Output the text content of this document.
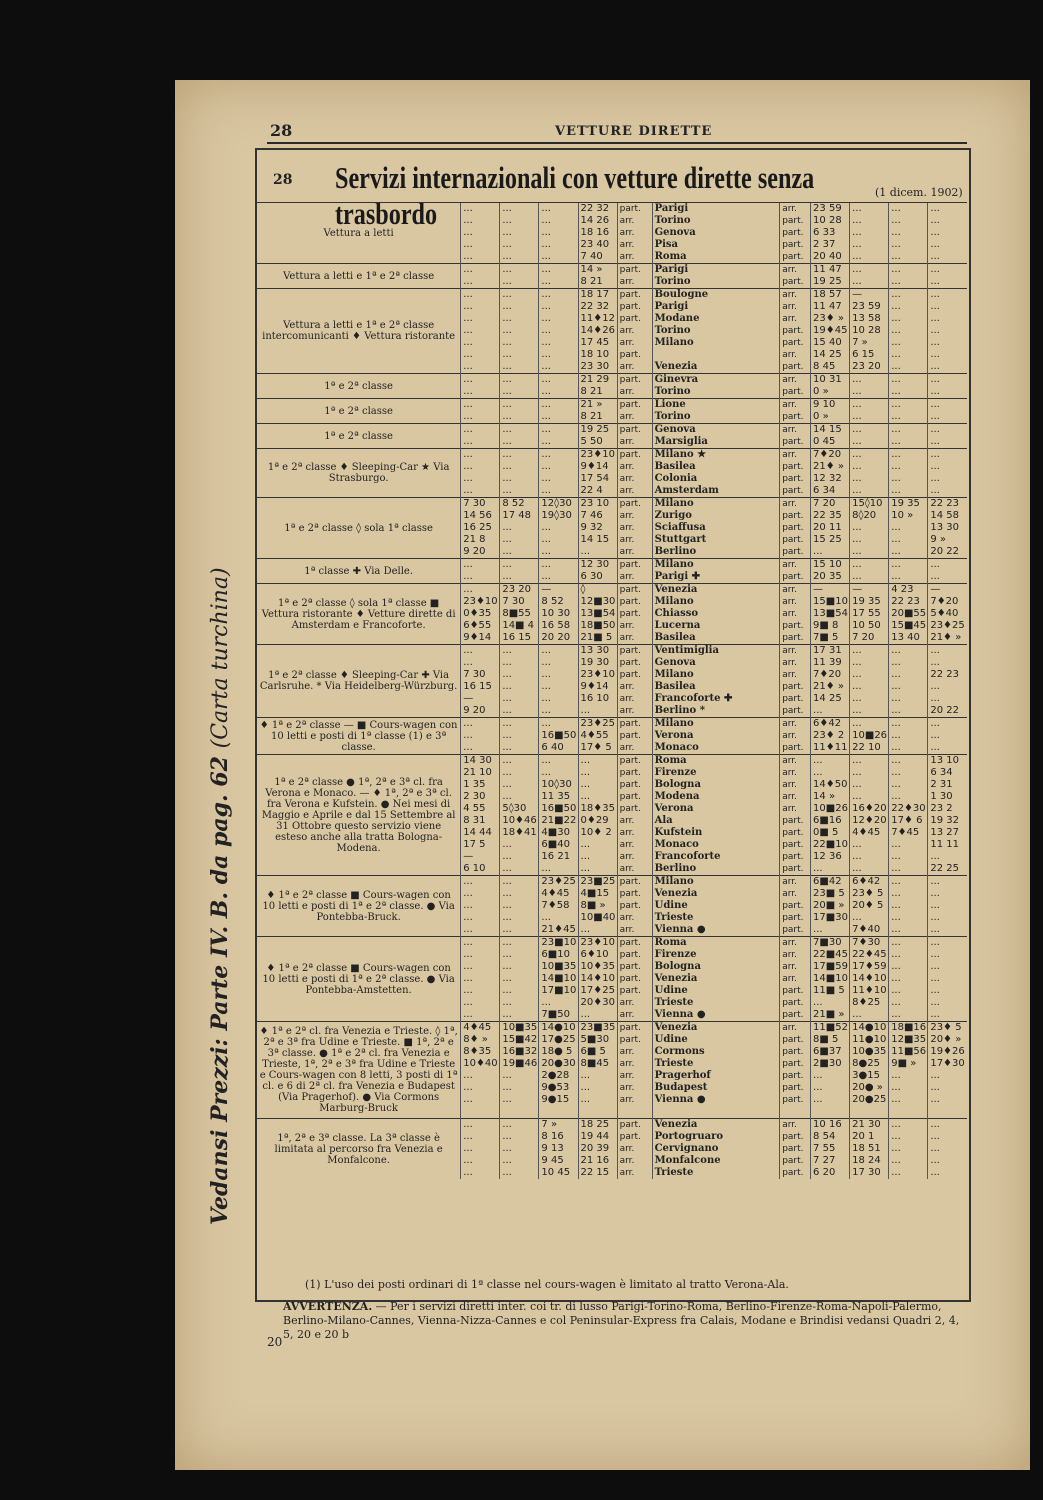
28	VETTURE DIRETTE
Vedansi Prezzi: Parte IV. B. da pag. 62 (Carta turchina)
28 Servizi internazionali con vetture dirette senza trasbordo
(1 dicem. 1902)
Vettura a letti	...	...	...	22 32	part.	Parigi	arr.	23 59	...	...	...
	...	...	...	14 26	arr.	Torino	part.	10 28	...	...	...
	...	...	...	18 16	arr.	Genova	part.	6 33	...	...	...
	...	...	...	23 40	arr.	Pisa	part.	2 37	...	...	...
	...	...	...	7 40	arr.	Roma	part.	20 40	...	...	...
Vettura a letti e 1ª e 2ª classe	...	...	...	14 »	part.	Parigi	arr.	11 47	...	...	...
	...	...	...	8 21	arr.	Torino	part.	19 25	...	...	...
Vettura a letti e 1ª e 2ª classe intercomunicanti ♦ Vettura ristorante	...	...	...	18 17	part.	Boulogne	arr.	18 57	—	...	...
	...	...	...	22 32	part.	Parigi	arr.	11 47	23 59	...	...
	...	...	...	11♦12	part.	Modane	arr.	23♦ »	13 58	...	...
	...	...	...	14♦26	arr.	Torino	part.	19♦45	10 28	...	...
	...	...	...	17 45	arr.	Milano	part.	15 40	7 »	...	...
	...	...	...	18 10	part.		arr.	14 25	6 15	...	...
	...	...	...	23 30	arr.	Venezia	part.	8 45	23 20	...	...
1ª e 2ª classe	...	...	...	21 29	part.	Ginevra	arr.	10 31	...	...	...
	...	...	...	8 21	arr.	Torino	part.	0 »	...	...	...
1ª e 2ª classe	...	...	...	21 »	part.	Lione	arr.	9 10	...	...	...
	...	...	...	8 21	arr.	Torino	part.	0 »	...	...	...
1ª e 2ª classe	...	...	...	19 25	part.	Genova	arr.	14 15	...	...	...
	...	...	...	5 50	arr.	Marsiglia	part.	0 45	...	...	...
1ª e 2ª classe ♦ Sleeping-Car ★ Via Strasburgo.	...	...	...	23♦10	part.	Milano ★	arr.	7♦20	...	...	...
	...	...	...	9♦14	arr.	Basilea	part.	21♦ »	...	...	...
	...	...	...	17 54	arr.	Colonia	part.	12 32	...	...	...
	...	...	...	22 4	arr.	Amsterdam	part.	6 34	...	...	...
1ª e 2ª classe ◊ sola 1ª classe	7 30	8 52	12◊30	23 10	part.	Milano	arr.	7 20	15◊10	19 35	22 23
	14 56	17 48	19◊30	7 46	arr.	Zurigo	part.	22 35	8◊20	10 »	14 58
	16 25	...	...	9 32	arr.	Sciaffusa	part.	20 11	...	...	13 30
	21 8	...	...	14 15	arr.	Stuttgart	part.	15 25	...	...	9 »
	9 20	...	...	...	arr.	Berlino	part.	...	...	...	20 22
1ª classe ✚ Via Delle.	...	...	...	12 30	part.	Milano	arr.	15 10	...	...	...
	...	...	...	6 30	arr.	Parigi ✚	part.	20 35	...	...	...
1ª e 2ª classe ◊ sola 1ª classe ■ Vettura ristorante ♦ Vetture dirette di Amsterdam e Francoforte.	...	23 20	—	◊	part.	Venezia	arr.	—	—	4 23	—
	23♦10	7 30	8 52	12■30	part.	Milano	arr.	15■10	19 35	22 23	7♦20
	0♦35	8■55	10 30	13■54	part.	Chiasso	arr.	13■54	17 55	20■55	5♦40
	6♦55	14■ 4	16 58	18■50	arr.	Lucerna	part.	9■ 8	10 50	15■45	23♦25
	9♦14	16 15	20 20	21■ 5	arr.	Basilea	part.	7■ 5	7 20	13 40	21♦ »
1ª e 2ª classe ♦ Sleeping-Car ✚ Via Carlsruhe. * Via Heidelberg-Würzburg.	...	...	...	13 30	part.	Ventimiglia	arr.	17 31	...	...	...
	...	...	...	19 30	part.	Genova	arr.	11 39	...	...	...
	7 30	...	...	23♦10	part.	Milano	arr.	7♦20	...	...	22 23
	16 15	...	...	9♦14	arr.	Basilea	part.	21♦ »	...	...	...
	—	...	...	16 10	arr.	Francoforte ✚	part.	14 25	...	...	...
	9 20	...	...	...	arr.	Berlino *	part.	...	...	...	20 22
♦ 1ª e 2ª classe — ■ Cours-wagen con 10 letti e posti di 1ª classe (1) e 3ª classe.	...	...	...	23♦25	part.	Milano	arr.	6♦42	...	...	...
	...	...	16■50	4♦55	part.	Verona	arr.	23♦ 2	10■26	...	...
	...	...	6 40	17♦ 5	arr.	Monaco	part.	11♦11	22 10	...	...
1ª e 2ª classe ● 1ª, 2ª e 3ª cl. fra Verona e Monaco. — ♦ 1ª, 2ª e 3ª cl. fra Verona e Kufstein. ● Nei mesi di Maggio e Aprile e dal 15 Settembre al 31 Ottobre questo servizio viene esteso anche alla tratta Bologna-Modena.	14 30	...	...	...	part.	Roma	arr.	...	...	...	13 10
	21 10	...	...	...	part.	Firenze	arr.	...	...	...	6 34
	1 35	...	10◊30	...	part.	Bologna	arr.	14♦50	...	...	2 31
	2 30	...	11 35	...	part.	Modena	arr.	14 »	...	...	1 30
	4 55	5◊30	16■50	18♦35	part.	Verona	arr.	10■26	16♦20	22♦30	23 2
	8 31	10♦46	21■22	0♦29	arr.	Ala	part.	6■16	12♦20	17♦ 6	19 32
	14 44	18♦41	4■30	10♦ 2	arr.	Kufstein	part.	0■ 5	4♦45	7♦45	13 27
	17 5	...	6■40	...	arr.	Monaco	part.	22■10	...	...	11 11
	—	...	16 21	...	arr.	Francoforte	part.	12 36	...	...	...
	6 10	...	...	...	arr.	Berlino	part.	...	...	...	22 25
♦ 1ª e 2ª classe ■ Cours-wagen con 10 letti e posti di 1ª e 2ª classe. ● Via Pontebba-Bruck.	...	...	23♦25	23■25	part.	Milano	arr.	6■42	6♦42	...	...
	...	...	4♦45	4■15	part.	Venezia	arr.	23■ 5	23♦ 5	...	...
	...	...	7♦58	8■ »	part.	Udine	part.	20■ »	20♦ 5	...	...
	...	...	...	10■40	arr.	Trieste	part.	17■30	...	...	...
	...	...	21♦45	...	arr.	Vienna ●	part.	...	7♦40	...	...
♦ 1ª e 2ª classe ■ Cours-wagen con 10 letti e posti di 1ª e 2ª classe. ● Via Pontebba-Amstetten.	...	...	23■10	23♦10	part.	Roma	arr.	7■30	7♦30	...	...
	...	...	6■10	6♦10	part.	Firenze	arr.	22■45	22♦45	...	...
	...	...	10■35	10♦35	part.	Bologna	arr.	17■59	17♦59	...	...
	...	...	14■10	14♦10	part.	Venezia	arr.	14■10	14♦10	...	...
	...	...	17■10	17♦25	part.	Udine	part.	11■ 5	11♦10	...	...
	...	...	...	20♦30	arr.	Trieste	part.	...	8♦25	...	...
	...	...	7■50	...	arr.	Vienna ●	part.	21■ »	...	...	...
♦ 1ª e 2ª cl. fra Venezia e Trieste. ◊ 1ª, 2ª e 3ª fra Udine e Trieste. ■ 1ª, 2ª e 3ª classe. ● 1ª e 2ª cl. fra Venezia e Trieste, 1ª, 2ª e 3ª fra Udine e Trieste e Cours-wagen con 8 letti, 3 posti di 1ª cl. e 6 di 2ª cl. fra Venezia e Budapest (Via Pragerhof). ● Via Cormons Marburg-Bruck	4♦45	10■35	14●10	23■35	part.	Venezia	arr.	11■52	14●10	18■16	23♦ 5
	8♦ »	15■42	17●25	5■30	part.	Udine	part.	8■ 5	11●10	12■35	20♦ »
	8♦35	16■32	18● 5	6■ 5	arr.	Cormons	part.	6■37	10●35	11■56	19♦26
	10♦40	19■46	20●30	8■45	arr.	Trieste	part.	2■30	8●25	9■ »	17♦30
	...	...	2●28	...	arr.	Pragerhof	part.	...	3●15	...	...
	...	...	9●53	...	arr.	Budapest	part.	...	20● »	...	...
	...	...	9●15	...	arr.	Vienna ●	part.	...	20●25	...	...

1ª, 2ª e 3ª classe. La 3ª classe è limitata al percorso fra Venezia e Monfalcone.	...	...	7 »	18 25	part.	Venezia	arr.	10 16	21 30	...	...
	...	...	8 16	19 44	part.	Portogruaro	part.	8 54	20 1	...	...
	...	...	9 13	20 39	arr.	Cervignano	part.	7 55	18 51	...	...
	...	...	9 45	21 16	arr.	Monfalcone	part.	7 27	18 24	...	...
	...	...	10 45	22 15	arr.	Trieste	part.	6 20	17 30	...	...
(1) L'uso dei posti ordinari di 1ª classe nel cours-wagen è limitato al tratto Verona-Ala.
AVVERTENZA. — Per i servizi diretti inter. coi tr. di lusso Parigi-Torino-Roma, Berlino-Firenze-Roma-Napoli-Palermo, Berlino-Milano-Cannes, Vienna-Nizza-Cannes e col Peninsular-Express fra Calais, Modane e Brindisi vedansi Quadri 2, 4, 5, 20 e 20 b
20
